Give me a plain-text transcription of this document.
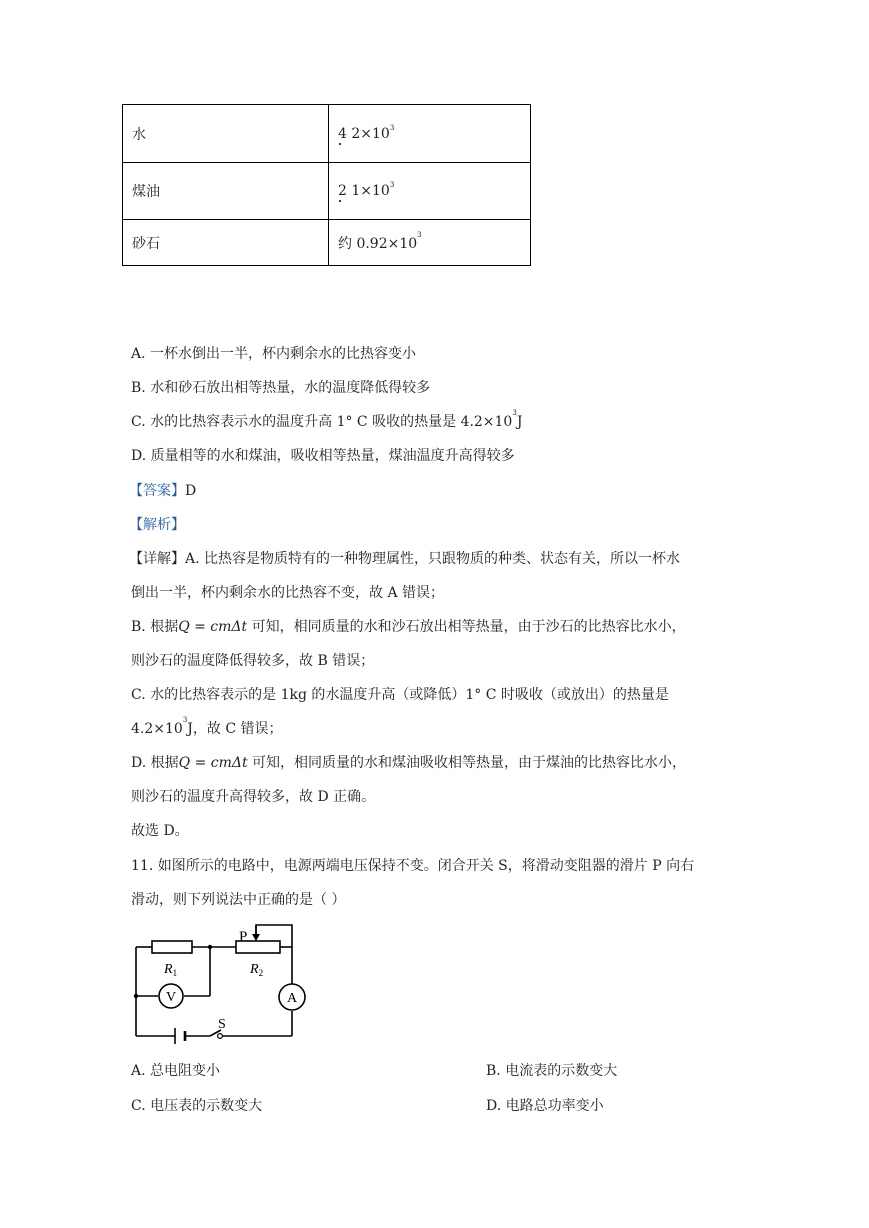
水	4 $2\times 10^3$
煤油	2 $1\times 10^3$
砂石	约 $0.92\times 10^3$
A. 一杯水倒出一半，杯内剩余水的比热容变小
B. 水和砂石放出相等热量，水的温度降低得较多
C. 水的比热容表示水的温度升高 1° C 吸收的热量是 $4.2\times 10^3J$
D. 质量相等的水和煤油，吸收相等热量，煤油温度升高得较多
【答案】D
【解析】
【详解】A. 比热容是物质特有的一种物理属性，只跟物质的种类、状态有关，所以一杯水
倒出一半，杯内剩余水的比热容不变，故 A 错误；
B. 根据Q = cmΔt 可知，相同质量的水和沙石放出相等热量，由于沙石的比热容比水小，
则沙石的温度降低得较多，故 B 错误；
C. 水的比热容表示的是 1kg 的水温度升高（或降低）1° C 时吸收（或放出）的热量是
$4.2\times 10^3J$，故 C 错误；
D. 根据Q = cmΔt 可知，相同质量的水和煤油吸收相等热量，由于煤油的比热容比水小，
则沙石的温度升高得较多，故 D 正确。
故选 D。
11. 如图所示的电路中，电源两端电压保持不变。闭合开关 S，将滑动变阻器的滑片 P 向右
滑动，则下列说法中正确的是（ ）
V	A
S
P
$R_1$	$R_2$
A. 总电阻变小	B. 电流表的示数变大
C. 电压表的示数变大	D. 电路总功率变小
